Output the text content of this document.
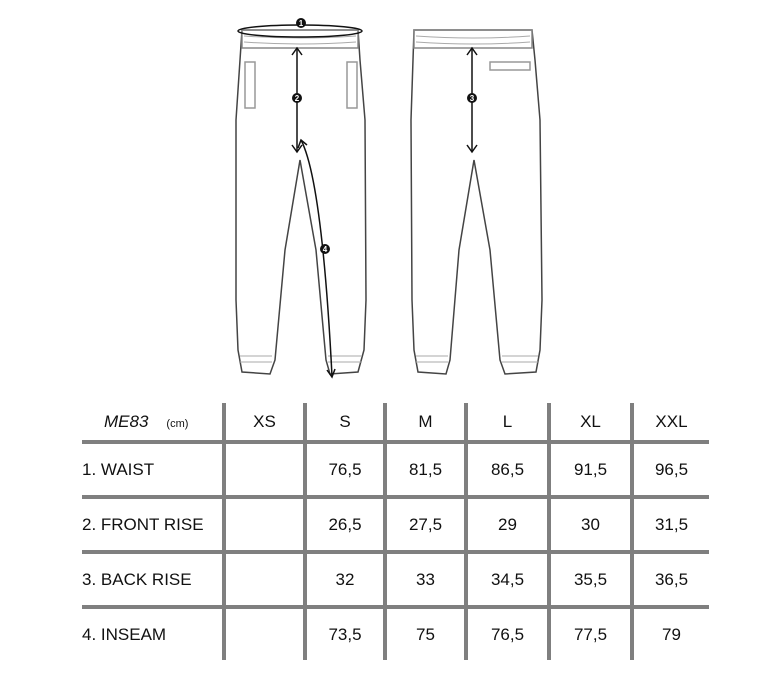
1
2	3
4
ME83 (cm)	XS	S	M	L	XL	XXL
1. WAIST		76,5	81,5	86,5	91,5	96,5
2. FRONT RISE		26,5	27,5	29	30	31,5
3. BACK RISE		32	33	34,5	35,5	36,5
4. INSEAM		73,5	75	76,5	77,5	79
